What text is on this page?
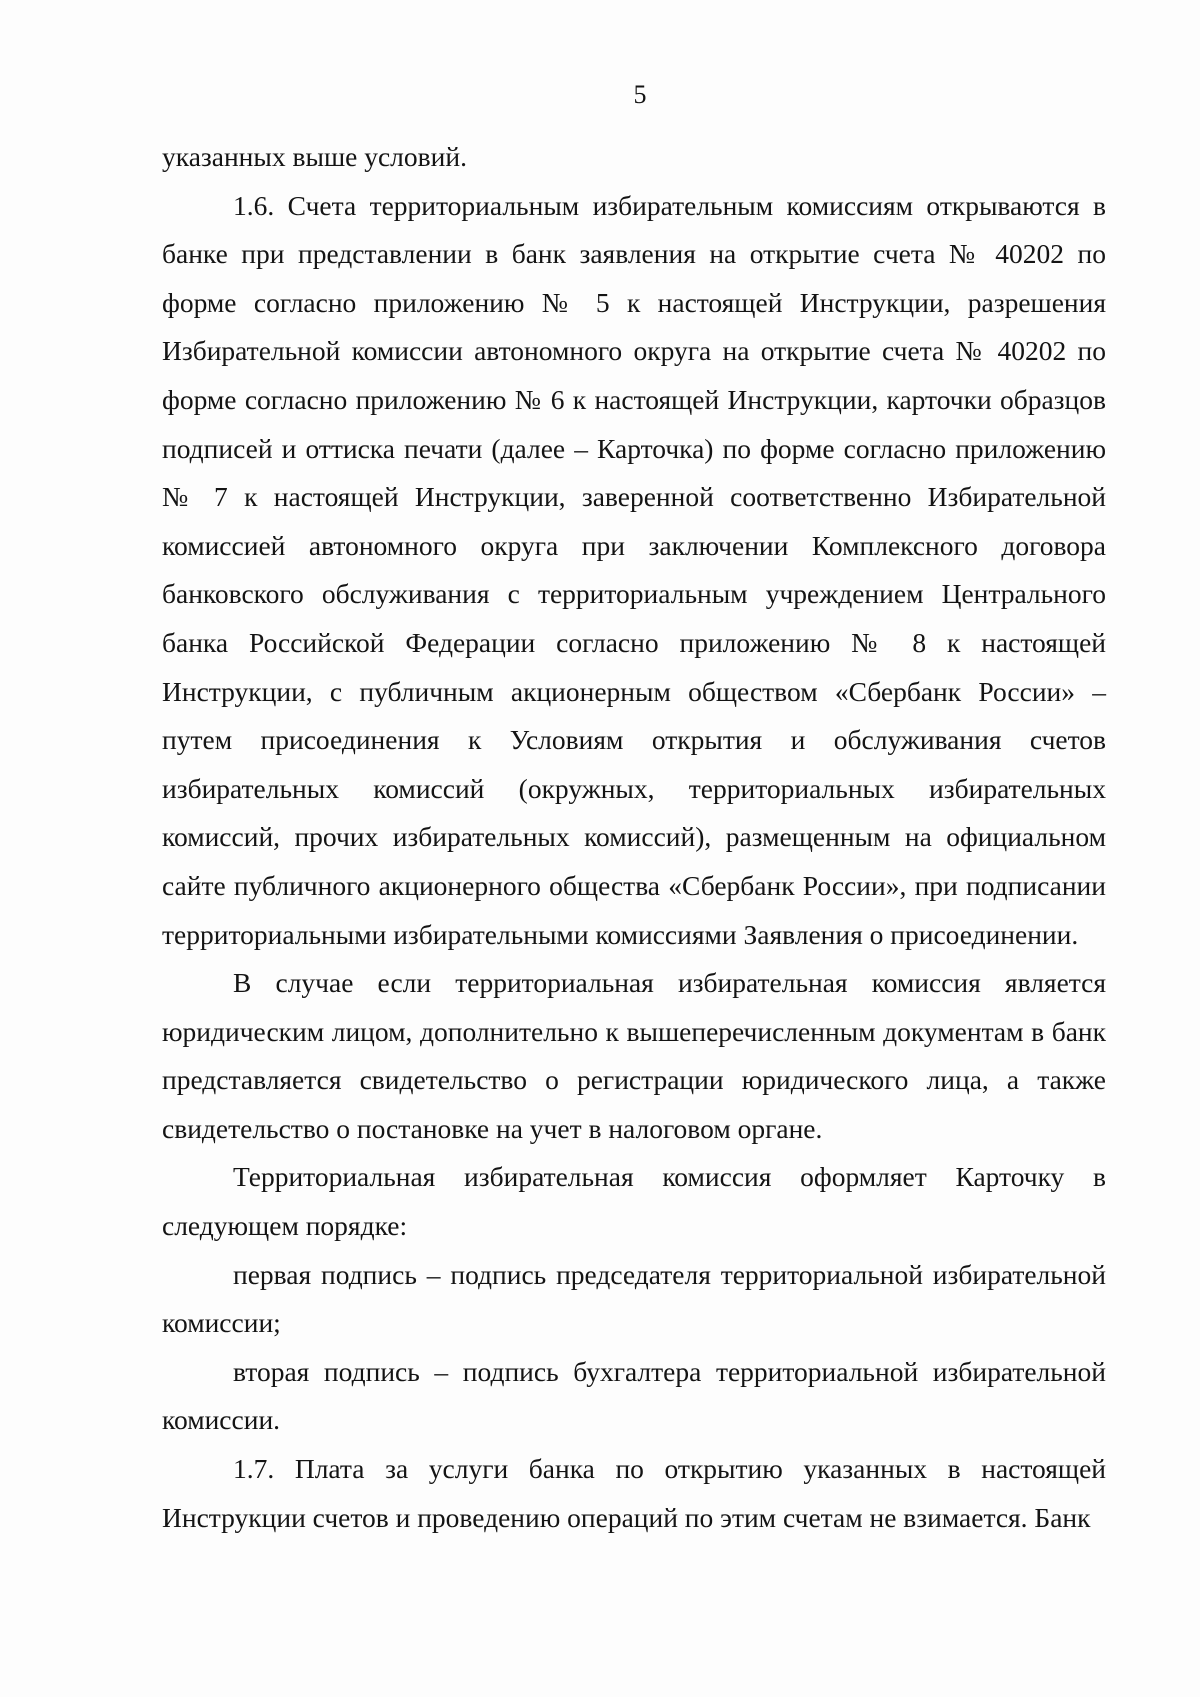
5

указанных выше условий.

1.6. Счета территориальным избирательным комиссиям открываются в банке при представлении в банк заявления на открытие счета № 40202 по форме согласно приложению № 5 к настоящей Инструкции, разрешения Избирательной комиссии автономного округа на открытие счета № 40202 по форме согласно приложению № 6 к настоящей Инструкции, карточки образцов подписей и оттиска печати (далее – Карточка) по форме согласно приложению № 7 к настоящей Инструкции, заверенной соответственно Избирательной комиссией автономного округа при заключении Комплексного договора банковского обслуживания с территориальным учреждением Центрального банка Российской Федерации согласно приложению № 8 к настоящей Инструкции, с публичным акционерным обществом «Сбербанк России» – путем присоединения к Условиям открытия и обслуживания счетов избирательных комиссий (окружных, территориальных избирательных комиссий, прочих избирательных комиссий), размещенным на официальном сайте публичного акционерного общества «Сбербанк России», при подписании территориальными избирательными комиссиями Заявления о присоединении.

В случае если территориальная избирательная комиссия является юридическим лицом, дополнительно к вышеперечисленным документам в банк представляется свидетельство о регистрации юридического лица, а также свидетельство о постановке на учет в налоговом органе.

Территориальная избирательная комиссия оформляет Карточку в следующем порядке:

первая подпись – подпись председателя территориальной избирательной комиссии;

вторая подпись – подпись бухгалтера территориальной избирательной комиссии.

1.7. Плата за услуги банка по открытию указанных в настоящей Инструкции счетов и проведению операций по этим счетам не взимается. Банк
